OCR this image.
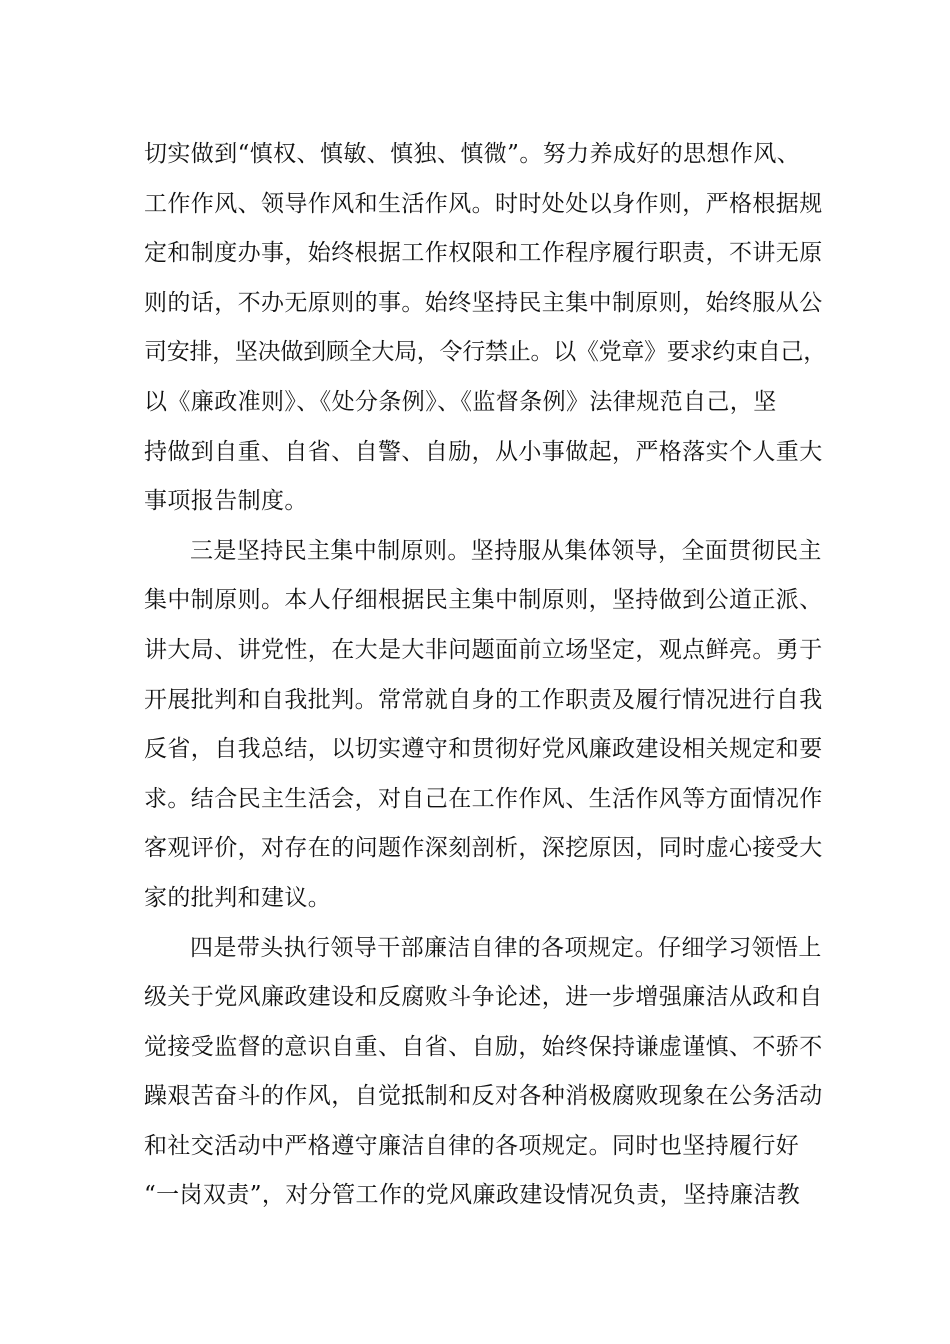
切实做到“慎权、慎敏、慎独、慎微”。努力养成好的思想作风、
工作作风、领导作风和生活作风。时时处处以身作则，严格根据规
定和制度办事，始终根据工作权限和工作程序履行职责，不讲无原
则的话，不办无原则的事。始终坚持民主集中制原则，始终服从公
司安排，坚决做到顾全大局，令行禁止。以《党章》要求约束自己，
以《廉政准则》、《处分条例》、《监督条例》法律规范自己，坚
持做到自重、自省、自警、自励，从小事做起，严格落实个人重大
事项报告制度。
三是坚持民主集中制原则。坚持服从集体领导，全面贯彻民主
集中制原则。本人仔细根据民主集中制原则，坚持做到公道正派、
讲大局、讲党性，在大是大非问题面前立场坚定，观点鲜亮。勇于
开展批判和自我批判。常常就自身的工作职责及履行情况进行自我
反省，自我总结，以切实遵守和贯彻好党风廉政建设相关规定和要
求。结合民主生活会，对自己在工作作风、生活作风等方面情况作
客观评价，对存在的问题作深刻剖析，深挖原因，同时虚心接受大
家的批判和建议。
四是带头执行领导干部廉洁自律的各项规定。仔细学习领悟上
级关于党风廉政建设和反腐败斗争论述，进一步增强廉洁从政和自
觉接受监督的意识自重、自省、自励，始终保持谦虚谨慎、不骄不
躁艰苦奋斗的作风，自觉抵制和反对各种消极腐败现象在公务活动
和社交活动中严格遵守廉洁自律的各项规定。同时也坚持履行好
“一岗双责”，对分管工作的党风廉政建设情况负责，坚持廉洁教
